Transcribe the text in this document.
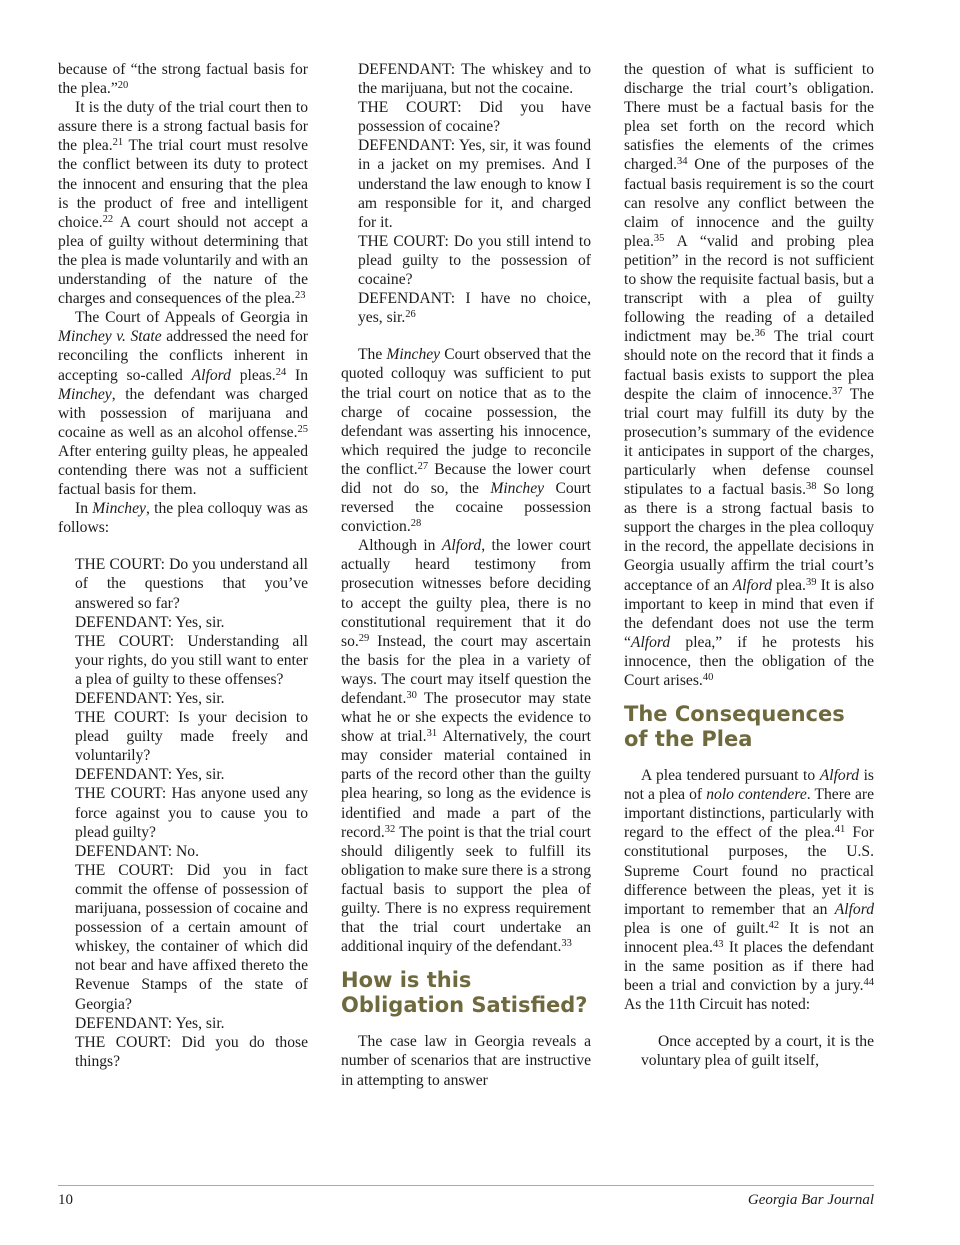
because of “the strong factual basis for the plea.”$^{20}$

It is the duty of the trial court then to assure there is a strong factual basis for the plea.$^{21}$ The trial court must resolve the conflict between its duty to protect the innocent and ensuring that the plea is the product of free and intelligent choice.$^{22}$ A court should not accept a plea of guilty without determining that the plea is made voluntarily and with an understanding of the nature of the charges and consequences of the plea.$^{23}$

The Court of Appeals of Georgia in Minchey v. State addressed the need for reconciling the conflicts inherent in accepting so-called Alford pleas.$^{24}$ In Minchey, the defendant was charged with possession of marijuana and cocaine as well as an alcohol offense.$^{25}$ After entering guilty pleas, he appealed contending there was not a sufficient factual basis for them.

In Minchey, the plea colloquy was as follows:

THE COURT: Do you understand all of the questions that you’ve answered so far?

DEFENDANT: Yes, sir.

THE COURT: Understanding all your rights, do you still want to enter a plea of guilty to these offenses?

DEFENDANT: Yes, sir.

THE COURT: Is your decision to plead guilty made freely and voluntarily?

DEFENDANT: Yes, sir.

THE COURT: Has anyone used any force against you to cause you to plead guilty?

DEFENDANT: No.

THE COURT: Did you in fact commit the offense of possession of marijuana, possession of cocaine and possession of a certain amount of whiskey, the container of which did not bear and have affixed thereto the Revenue Stamps of the state of Georgia?

DEFENDANT: Yes, sir.

THE COURT: Did you do those things?

DEFENDANT: The whiskey and to the marijuana, but not the cocaine.

THE COURT: Did you have possession of cocaine?

DEFENDANT: Yes, sir, it was found in a jacket on my premises. And I understand the law enough to know I am responsible for it, and charged for it.

THE COURT: Do you still intend to plead guilty to the possession of cocaine?

DEFENDANT: I have no choice, yes, sir.$^{26}$

The Minchey Court observed that the quoted colloquy was sufficient to put the trial court on notice that as to the charge of cocaine possession, the defendant was asserting his innocence, which required the judge to reconcile the conflict.$^{27}$ Because the lower court did not do so, the Minchey Court reversed the cocaine possession conviction.$^{28}$

Although in Alford, the lower court actually heard testimony from prosecution witnesses before deciding to accept the guilty plea, there is no constitutional requirement that it do so.$^{29}$ Instead, the court may ascertain the basis for the plea in a variety of ways. The court may itself question the defendant.$^{30}$ The prosecutor may state what he or she expects the evidence to show at trial.$^{31}$ Alternatively, the court may consider material contained in parts of the record other than the guilty plea hearing, so long as the evidence is identified and made a part of the record.$^{32}$ The point is that the trial court should diligently seek to fulfill its obligation to make sure there is a strong factual basis to support the plea of guilty. There is no express requirement that the trial court undertake an additional inquiry of the defendant.$^{33}$

How is this Obligation Satisfied?

The case law in Georgia reveals a number of scenarios that are instructive in attempting to answer

the question of what is sufficient to discharge the trial court’s obligation. There must be a factual basis for the plea set forth on the record which satisfies the elements of the crimes charged.$^{34}$ One of the purposes of the factual basis requirement is so the court can resolve any conflict between the claim of innocence and the guilty plea.$^{35}$ A “valid and probing plea petition” in the record is not sufficient to show the requisite factual basis, but a transcript with a plea of guilty following the reading of a detailed indictment may be.$^{36}$ The trial court should note on the record that it finds a factual basis exists to support the plea despite the claim of innocence.$^{37}$ The trial court may fulfill its duty by the prosecution’s summary of the evidence it anticipates in support of the charges, particularly when defense counsel stipulates to a factual basis.$^{38}$ So long as there is a strong factual basis to support the charges in the plea colloquy in the record, the appellate decisions in Georgia usually affirm the trial court’s acceptance of an Alford plea.$^{39}$ It is also important to keep in mind that even if the defendant does not use the term “Alford plea,” if he protests his innocence, then the obligation of the Court arises.$^{40}$

The Consequences of the Plea

A plea tendered pursuant to Alford is not a plea of nolo contendere. There are important distinctions, particularly with regard to the effect of the plea.$^{41}$ For constitutional purposes, the U.S. Supreme Court found no practical difference between the pleas, yet it is important to remember that an Alford plea is one of guilt.$^{42}$ It is not an innocent plea.$^{43}$ It places the defendant in the same position as if there had been a trial and conviction by a jury.$^{44}$ As the 11th Circuit has noted:

Once accepted by a court, it is the voluntary plea of guilt itself,

10	Georgia Bar Journal
